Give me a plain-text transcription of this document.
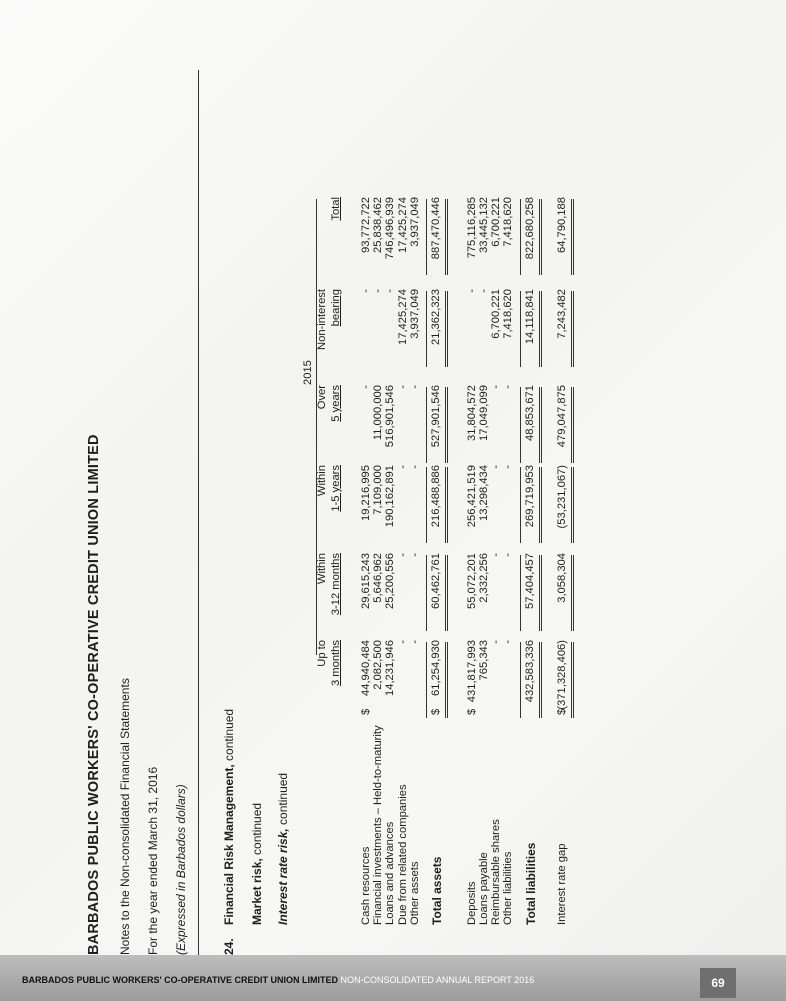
BARBADOS PUBLIC WORKERS' CO-OPERATIVE CREDIT UNION LIMITED Notes to the Non-consolidated Financial Statements For the year ended March 31, 2016 (Expressed in Barbados dollars)	24.
Financial Risk Management, continued
Market risk, continued Interest rate risk, continued
2015
Up to 3 months
Within 3-12 months
Within 1-5 years
Over 5 years
Non-interest bearing
Total
Cash resources
$
44,940,484
29,615,243
19,216,995
-
-
93,772,722
Financial investments – Held-to-maturity
2,082,500
5,646,962
7,109,000
11,000,000
-
25,838,462
Loans and advances
14,231,946
25,200,556
190,162,891
516,901,546
-
746,496,939
Due from related companies
-
-
-
-
17,425,274
17,425,274
Other assets
-
-
-
-
3,937,049
3,937,049
Total assets
$
61,254,930
60,462,761
216,488,886
527,901,546
21,362,323
887,470,446
Deposits
$
431,817,993
55,072,201
256,421,519
31,804,572
-
775,116,285
Loans payable
765,343
2,332,256
13,298,434
17,049,099
-
33,445,132
Reimbursable shares
-
-
-
-
6,700,221
6,700,221
Other liabilities
-
-
-
-
7,418,620
7,418,620
Total liabilities
432,583,336
57,404,457
269,719,953
48,853,671
14,118,841
822,680,258
Interest rate gap
$
(371,328,406)
3,058,304
(53,231,067)
479,047,875
7,243,482
64,790,188
BARBADOS PUBLIC WORKERS' CO-OPERATIVE CREDIT UNION LIMITED NON-CONSOLIDATED ANNUAL REPORT 2016	69
